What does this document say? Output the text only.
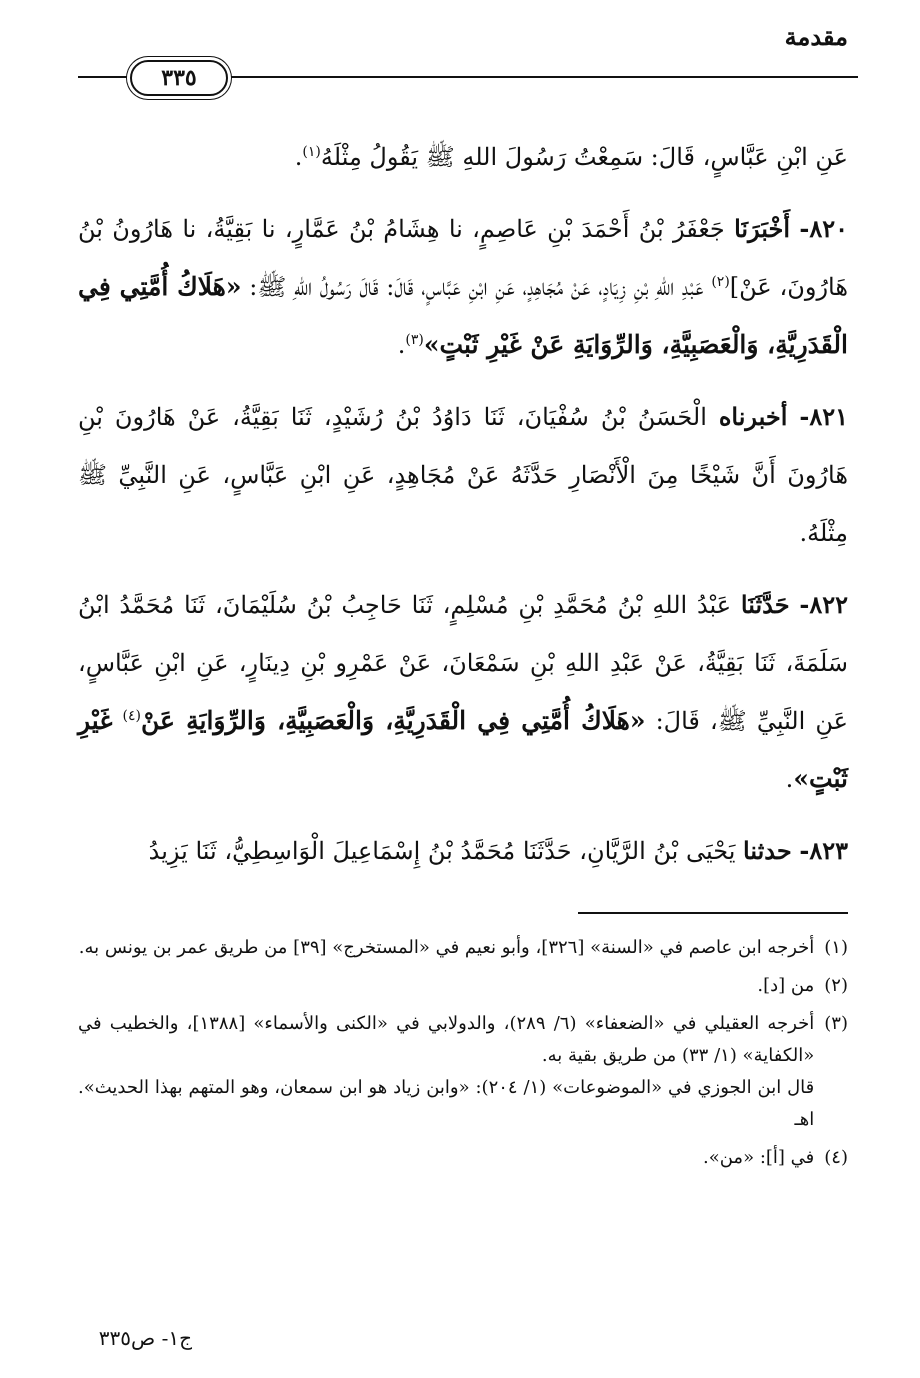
مقدمة
٣٣٥

عَنِ ابْنِ عَبَّاسٍ، قَالَ: سَمِعْتُ رَسُولَ اللهِ ﷺ يَقُولُ مِثْلَهُ$^{(١)}$.

٨٢٠- أَخْبَرَنَا جَعْفَرُ بْنُ أَحْمَدَ بْنِ عَاصِمٍ، نا هِشَامُ بْنُ عَمَّارٍ، نا بَقِيَّةُ، نا هَارُونُ بْنُ هَارُونَ، عَنْ]$^{(٢)}$ عَبْدِ اللهِ بْنِ زِيَادٍ، عَنْ مُجَاهِدٍ، عَنِ ابْنِ عَبَّاسٍ، قَالَ: قَالَ رَسُولُ اللهِ ﷺ: «هَلَاكُ أُمَّتِي فِي الْقَدَرِيَّةِ، وَالْعَصَبِيَّةِ، وَالرِّوَايَةِ عَنْ غَيْرِ ثَبْتٍ»$^{(٣)}$.

٨٢١- أخبرناه الْحَسَنُ بْنُ سُفْيَانَ، ثَنَا دَاوُدُ بْنُ رُشَيْدٍ، ثَنَا بَقِيَّةُ، عَنْ هَارُونَ بْنِ هَارُونَ أَنَّ شَيْخًا مِنَ الْأَنْصَارِ حَدَّثَهُ عَنْ مُجَاهِدٍ، عَنِ ابْنِ عَبَّاسٍ، عَنِ النَّبِيِّ ﷺ مِثْلَهُ.

٨٢٢- حَدَّثَنَا عَبْدُ اللهِ بْنُ مُحَمَّدِ بْنِ مُسْلِمٍ، ثَنَا حَاجِبُ بْنُ سُلَيْمَانَ، ثَنَا مُحَمَّدُ ابْنُ سَلَمَةَ، ثَنَا بَقِيَّةُ، عَنْ عَبْدِ اللهِ بْنِ سَمْعَانَ، عَنْ عَمْرِو بْنِ دِينَارٍ، عَنِ ابْنِ عَبَّاسٍ، عَنِ النَّبِيِّ ﷺ، قَالَ: «هَلَاكُ أُمَّتِي فِي الْقَدَرِيَّةِ، وَالْعَصَبِيَّةِ، وَالرِّوَايَةِ عَنْ$^{(٤)}$ غَيْرِ ثَبْتٍ».

٨٢٣- حدثنا يَحْيَى بْنُ الرَّيَّانِ، حَدَّثَنَا مُحَمَّدُ بْنُ إِسْمَاعِيلَ الْوَاسِطِيُّ، ثَنَا يَزِيدُ

(١)
أخرجه ابن عاصم في «السنة» [٣٢٦]، وأبو نعيم في «المستخرج» [٣٩] من طريق عمر بن يونس به.
(٢)
من [د].
(٣)
أخرجه العقيلي في «الضعفاء» (٦/ ٢٨٩)، والدولابي في «الكنى والأسماء» [١٣٨٨]، والخطيب في «الكفاية» (١/ ٣٣) من طريق بقية به.
قال ابن الجوزي في «الموضوعات» (١/ ٢٠٤): «وابن زياد هو ابن سمعان، وهو المتهم بهذا الحديث». اهـ
(٤)
في [أ]: «من».
ج١- ص٣٣٥
